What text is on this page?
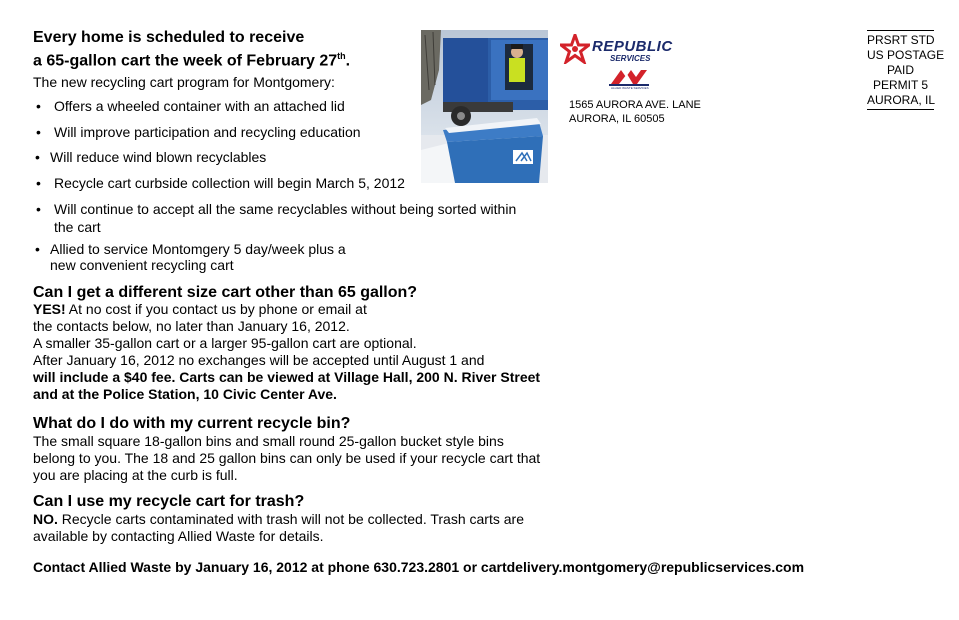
Every home is scheduled to receive
a 65-gallon cart the week of February 27th.
The new recycling cart program for Montgomery:
• Offers a wheeled container with an attached lid
• Will improve participation and recycling education
• Will reduce wind blown recyclables
• Recycle cart curbside collection will begin March 5, 2012
• Will continue to accept all the same recyclables without being sorted within
the cart
• Allied to service Montomgery 5 day/week plus a
new convenient recycling cart
Can I get a different size cart other than 65 gallon?
YES! At no cost if you contact us by phone or email at
the contacts below, no later than January 16, 2012.
A smaller 35-gallon cart or a larger 95-gallon cart are optional.
After January 16, 2012 no exchanges will be accepted until August 1 and
will include a $40 fee. Carts can be viewed at Village Hall, 200 N. River Street
and at the Police Station, 10 Civic Center Ave.
What do I do with my current recycle bin?
The small square 18-gallon bins and small round 25-gallon bucket style bins
belong to you. The 18 and 25 gallon bins can only be used if your recycle cart that
you are placing at the curb is full.
Can I use my recycle cart for trash?
NO. Recycle carts contaminated with trash will not be collected. Trash carts are
available by contacting Allied Waste for details.
Contact Allied Waste by January 16, 2012 at phone 630.723.2801 or cartdelivery.montgomery@republicservices.com
REPUBLIC
SERVICES
ALLIED WASTE SERVICES
1565 AURORA AVE. LANE
AURORA, IL 60505
PRSRT STD
US POSTAGE
PAID
PERMIT 5
AURORA, IL
